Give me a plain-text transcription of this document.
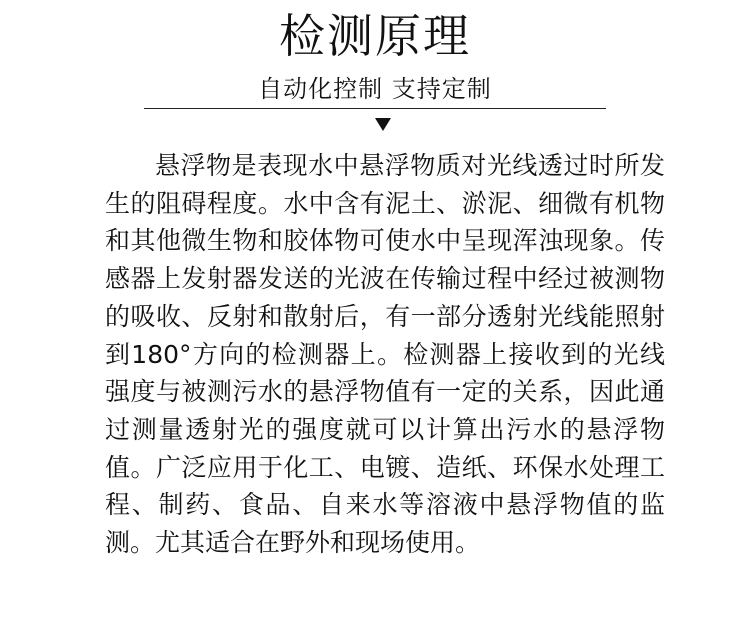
检测原理
自动化控制 支持定制
悬浮物是表现水中悬浮物质对光线透过时所发生的阻碍程度。水中含有泥土、淤泥、细微有机物和其他微生物和胶体物可使水中呈现浑浊现象。传感器上发射器发送的光波在传输过程中经过被测物的吸收、反射和散射后，有一部分透射光线能照射到180°方向的检测器上。检测器上接收到的光线强度与被测污水的悬浮物值有一定的关系，因此通过测量透射光的强度就可以计算出污水的悬浮物值。广泛应用于化工、电镀、造纸、环保水处理工程、制药、食品、自来水等溶液中悬浮物值的监测。尤其适合在野外和现场使用。
